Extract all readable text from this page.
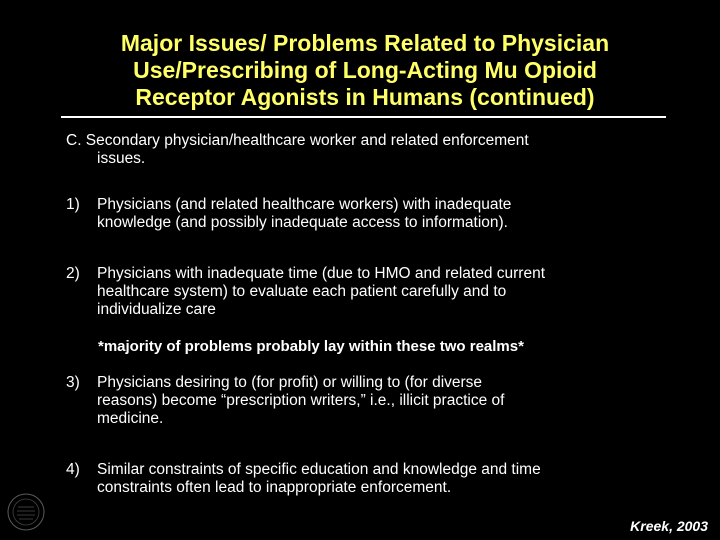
Major Issues/ Problems Related to Physician
Use/Prescribing of Long-Acting Mu Opioid
Receptor Agonists in Humans (continued)
C. Secondary physician/healthcare worker and related enforcement
issues.
1) Physicians (and related healthcare workers) with inadequate
knowledge (and possibly inadequate access to information).
2) Physicians with inadequate time (due to HMO and related current
healthcare system) to evaluate each patient carefully and to
individualize care
*majority of problems probably lay within these two realms*
3) Physicians desiring to (for profit) or willing to (for diverse
reasons) become “prescription writers,” i.e., illicit practice of
medicine.
4) Similar constraints of specific education and knowledge and time
constraints often lead to inappropriate enforcement.
Kreek, 2003
